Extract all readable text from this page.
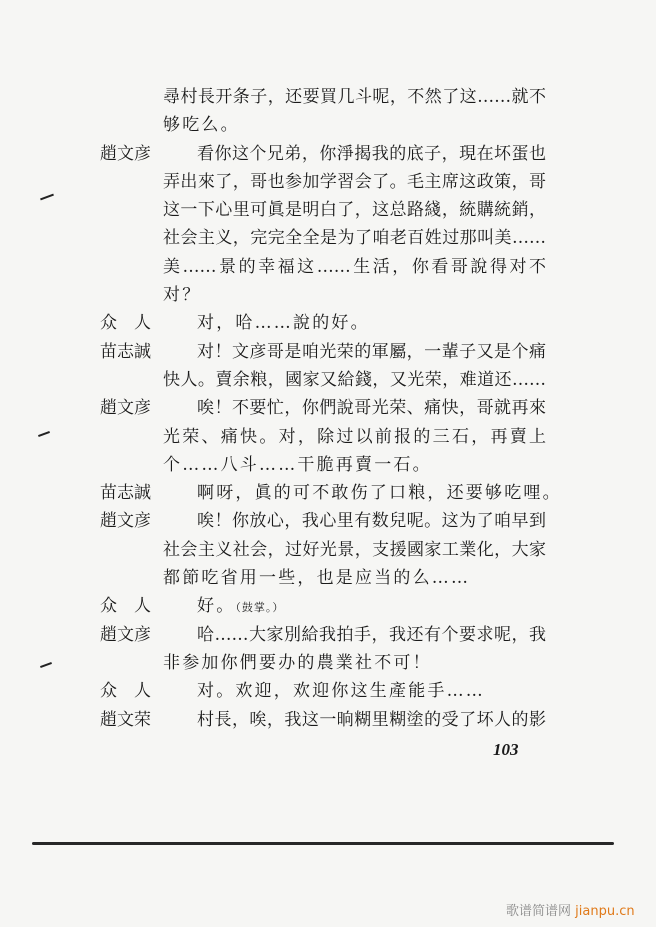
尋村長开条子，还要買几斗呢，不然了这……就不
够吃么。
趙文彦	看你这个兄弟，你淨揭我的底子，現在坏蛋也
弄出來了，哥也参加学習会了。毛主席这政策，哥
这一下心里可眞是明白了，这总路綫，統購統銷，
社会主义，完完全全是为了咱老百姓过那叫美……
美……景的幸福这……生活，你看哥說得对不
对？
众　人	对，哈……說的好。
苗志誠	对！文彦哥是咱光荣的軍屬，一輩子又是个痛
快人。賣余粮，國家又給錢，又光荣，难道还……
趙文彦	唉！不要忙，你們說哥光荣、痛快，哥就再來
光荣、痛快。对，除过以前报的三石，再賣上
个……八斗……干脆再賣一石。
苗志誠	啊呀，眞的可不敢伤了口粮，还要够吃哩。
趙文彦	唉！你放心，我心里有数兒呢。这为了咱早到
社会主义社会，过好光景，支援國家工業化，大家
都節吃省用一些，也是应当的么……
众　人	好。（鼓掌。）
趙文彦	哈……大家別給我拍手，我还有个要求呢，我
非参加你們要办的農業社不可！
众　人	对。欢迎，欢迎你这生產能手……
趙文荣	村長，唉，我这一晌糊里糊塗的受了坏人的影
103
歌谱简谱网 jianpu.cn
